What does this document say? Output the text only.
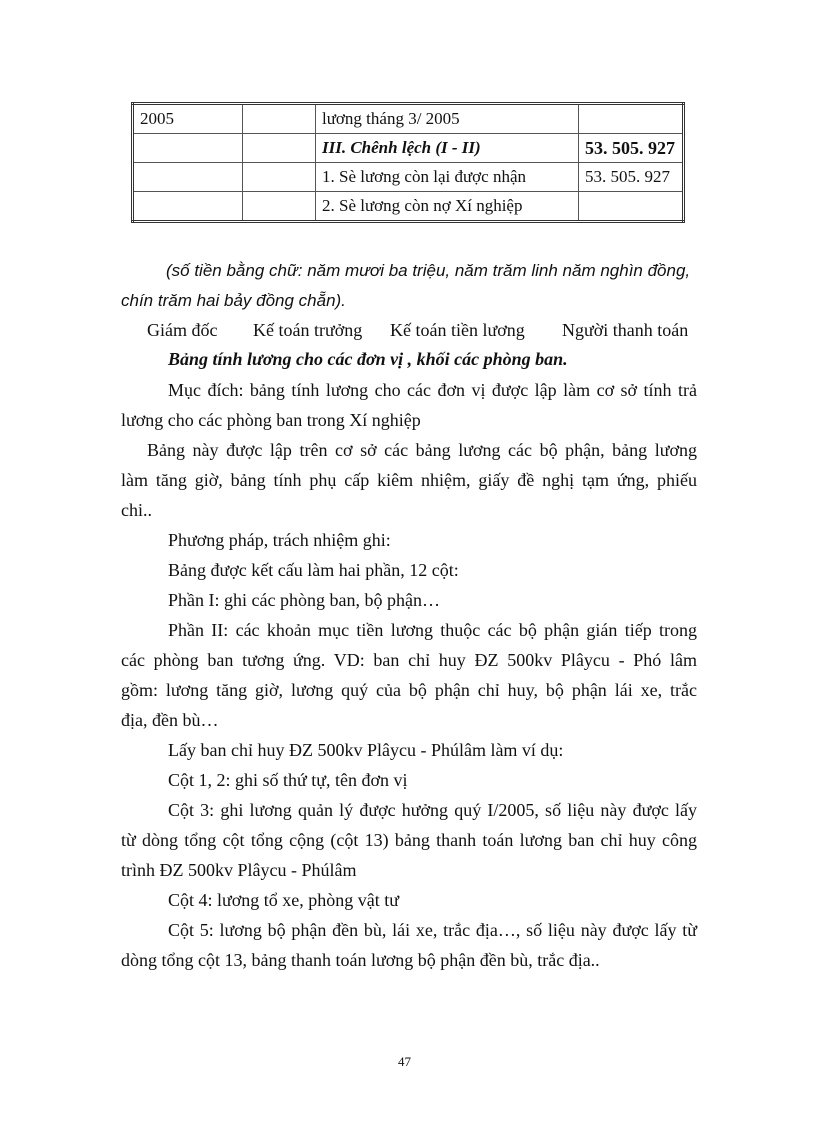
2005		lương tháng 3/ 2005	
		III. Chênh lệch (I - II)	53. 505. 927
		1. Sè lương còn lại được nhận	53. 505. 927
		2. Sè lương còn nợ Xí nghiệp	
(số tiền bằng chữ: năm mươi ba triệu, năm trăm linh năm nghìn đồng,
chín trăm hai bảy đồng chẵn).
Giám đốc Kế toán trưởng Kế toán tiền lương Người thanh toán
Bảng tính lương cho các đơn vị , khối các phòng ban.
Mục đích: bảng tính lương cho các đơn vị được lập làm cơ sở tính trả
lương cho các phòng ban trong Xí nghiệp
Bảng này được lập trên cơ sở các bảng lương các bộ phận, bảng lương
làm tăng giờ, bảng tính phụ cấp kiêm nhiệm, giấy đề nghị tạm ứng, phiếu
chi..
Phương pháp, trách nhiệm ghi:
Bảng được kết cấu làm hai phần, 12 cột:
Phần I: ghi các phòng ban, bộ phận…
Phần II: các khoản mục tiền lương thuộc các bộ phận gián tiếp trong
các phòng ban tương ứng. VD: ban chỉ huy ĐZ 500kv Plâycu - Phó lâm
gồm: lương tăng giờ, lương quý của bộ phận chỉ huy, bộ phận lái xe, trắc
địa, đền bù…
Lấy ban chỉ huy ĐZ 500kv Plâycu - Phúlâm làm ví dụ:
Cột 1, 2: ghi số thứ tự, tên đơn vị
Cột 3: ghi lương quản lý được hưởng quý I/2005, số liệu này được lấy
từ dòng tổng cột tổng cộng (cột 13) bảng thanh toán lương ban chỉ huy công
trình ĐZ 500kv Plâycu - Phúlâm
Cột 4: lương tổ xe, phòng vật tư
Cột 5: lương bộ phận đền bù, lái xe, trắc địa…, số liệu này được lấy từ
dòng tổng cột 13, bảng thanh toán lương bộ phận đền bù, trắc địa..
47
